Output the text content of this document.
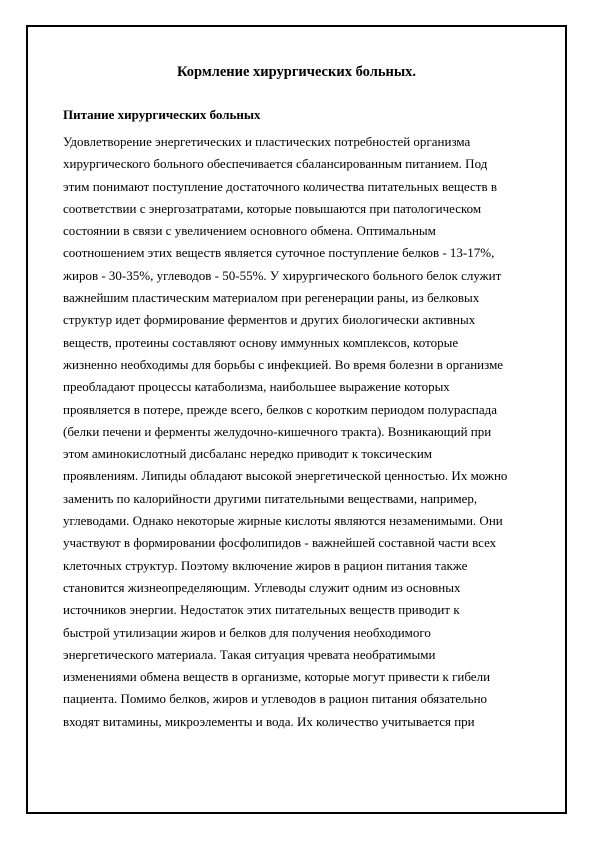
Кормление хирургических больных.
Питание хирургических больных
Удовлетворение энергетических и пластических потребностей организма
хирургического больного обеспечивается сбалансированным питанием. Под
этим понимают поступление достаточного количества питательных веществ в
соответствии с энергозатратами, которые повышаются при патологическом
состоянии в связи с увеличением основного обмена. Оптимальным
соотношением этих веществ является суточное поступление белков - 13-17%,
жиров - 30-35%, углеводов - 50-55%. У хирургического больного белок служит
важнейшим пластическим материалом при регенерации раны, из белковых
структур идет формирование ферментов и других биологически активных
веществ, протеины составляют основу иммунных комплексов, которые
жизненно необходимы для борьбы с инфекцией. Во время болезни в организме
преобладают процессы катаболизма, наибольшее выражение которых
проявляется в потере, прежде всего, белков с коротким периодом полураспада
(белки печени и ферменты желудочно-кишечного тракта). Возникающий при
этом аминокислотный дисбаланс нередко приводит к токсическим
проявлениям. Липиды обладают высокой энергетической ценностью. Их можно
заменить по калорийности другими питательными веществами, например,
углеводами. Однако некоторые жирные кислоты являются незаменимыми. Они
участвуют в формировании фосфолипидов - важнейшей составной части всех
клеточных структур. Поэтому включение жиров в рацион питания также
становится жизнеопределяющим. Углеводы служит одним из основных
источников энергии. Недостаток этих питательных веществ приводит к
быстрой утилизации жиров и белков для получения необходимого
энергетического материала. Такая ситуация чревата необратимыми
изменениями обмена веществ в организме, которые могут привести к гибели
пациента. Помимо белков, жиров и углеводов в рацион питания обязательно
входят витамины, микроэлементы и вода. Их количество учитывается при
